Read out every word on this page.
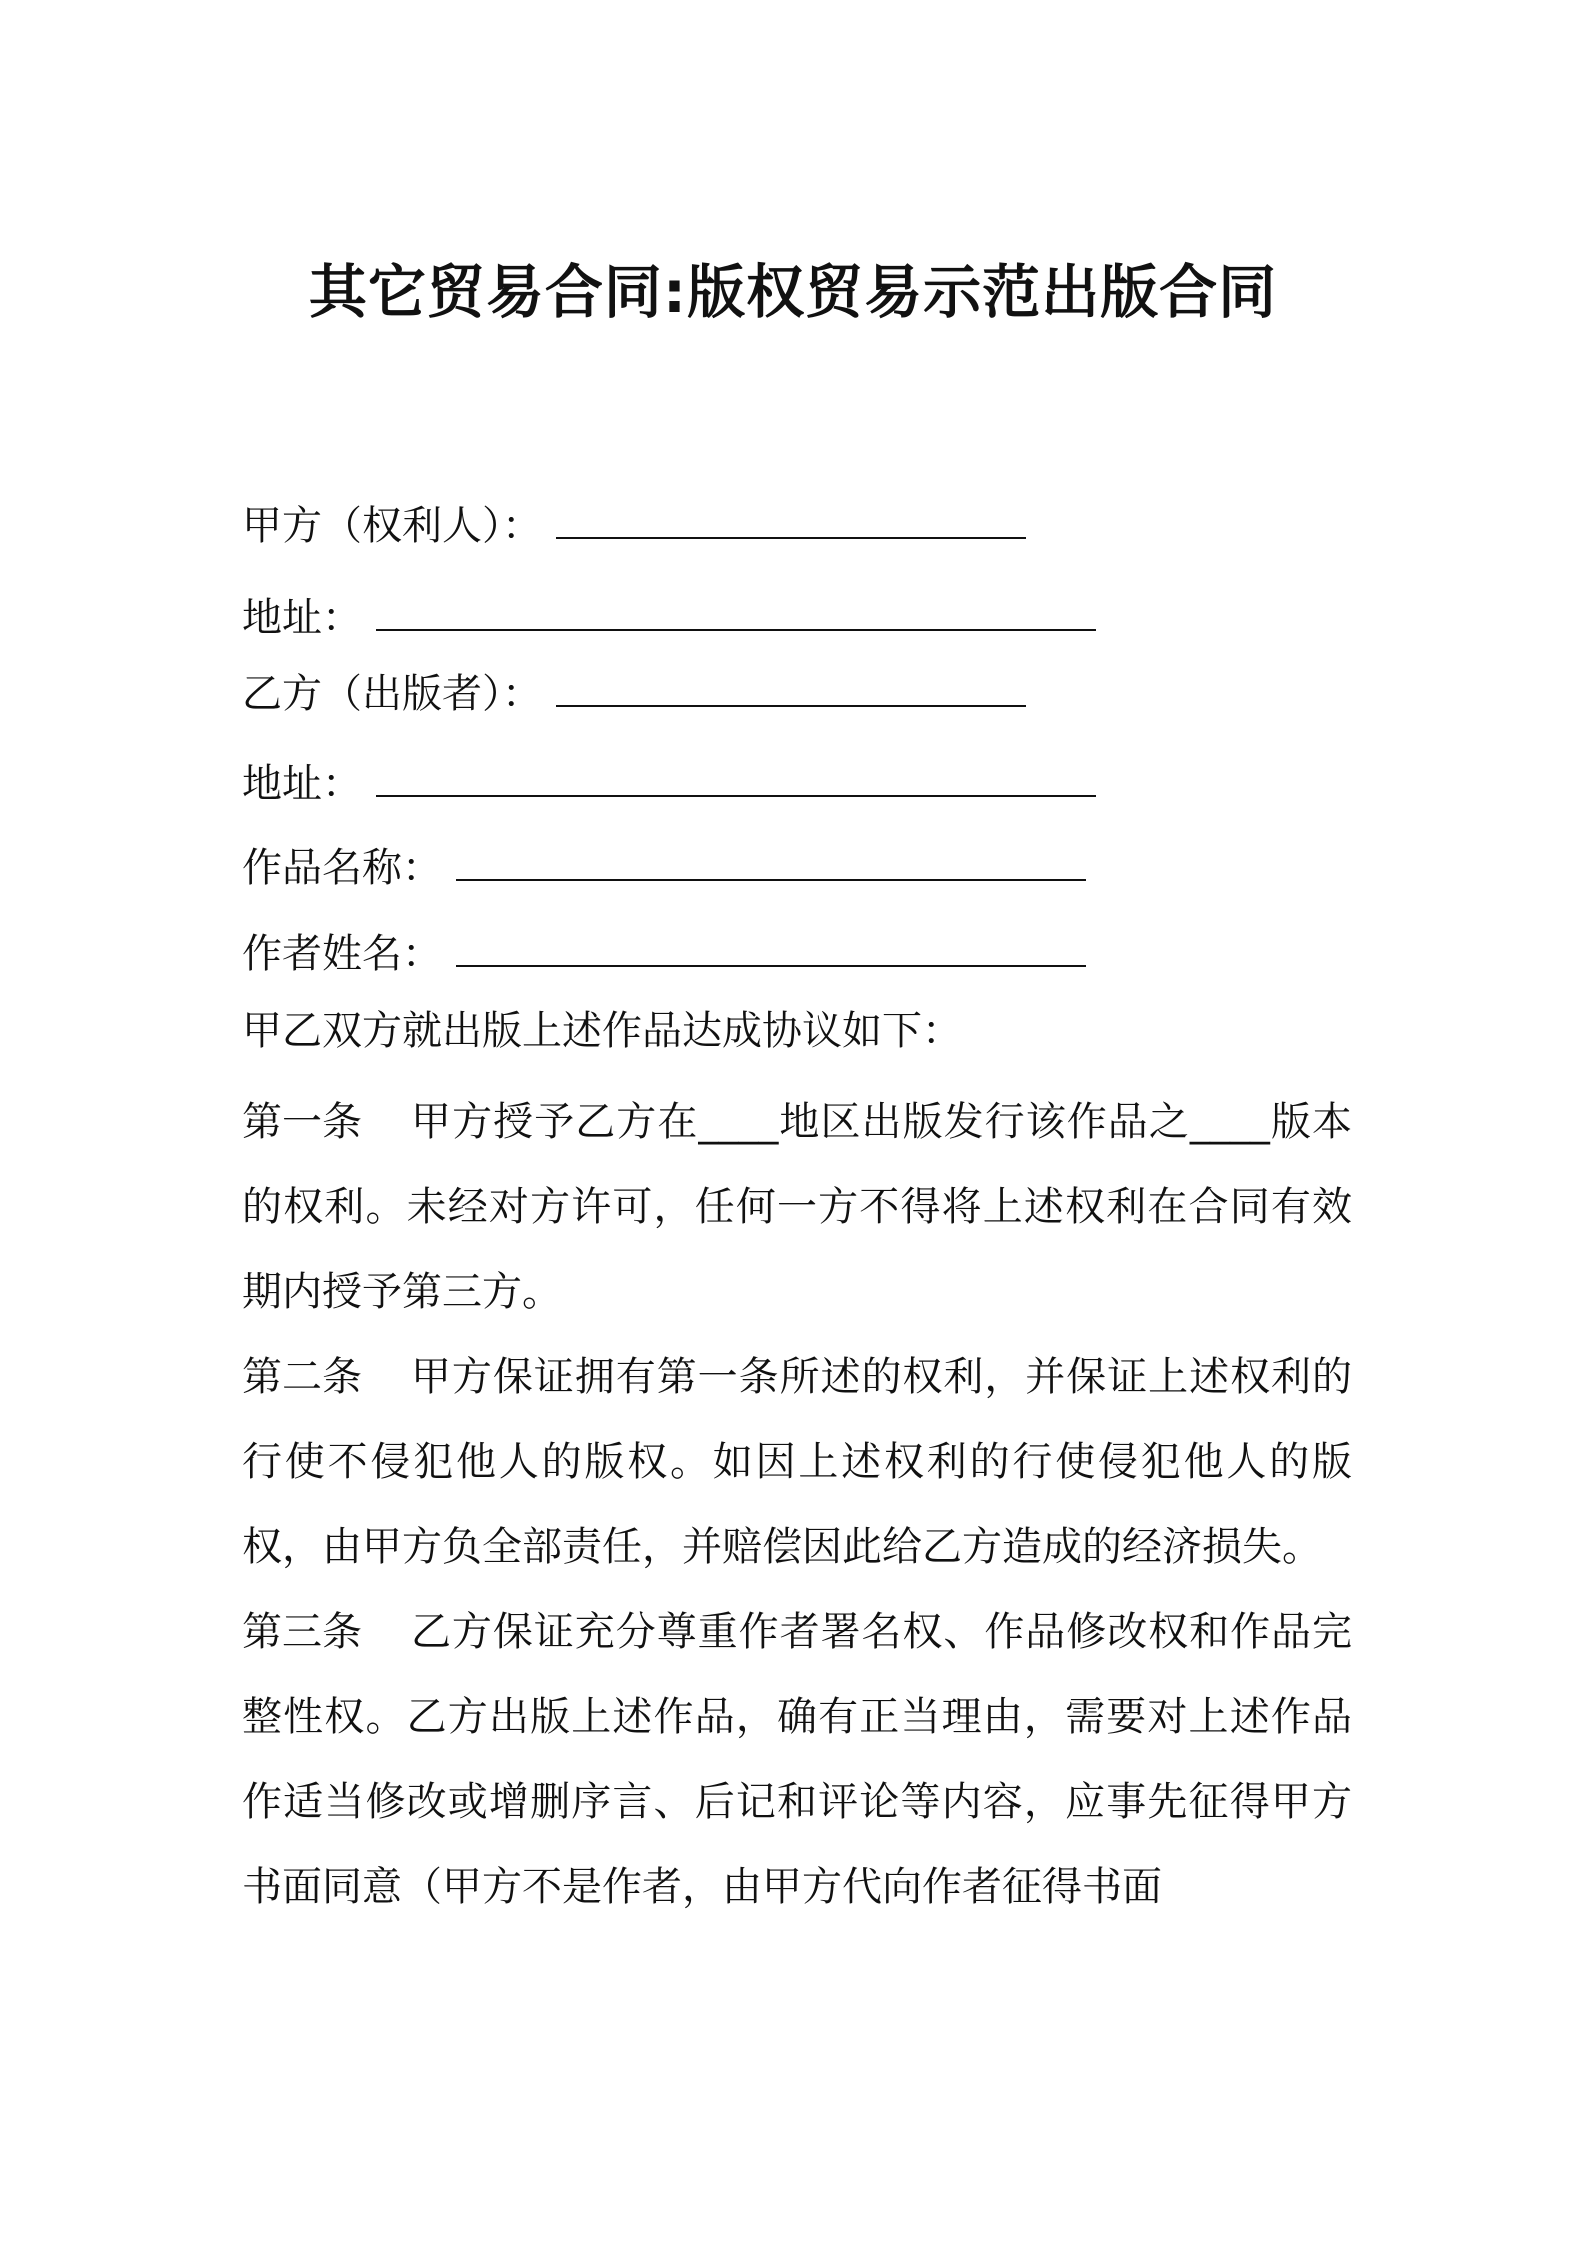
其它贸易合同:版权贸易示范出版合同
甲方（权利人）：
地址：
乙方（出版者）：
地址：
作品名称：
作者姓名：
甲乙双方就出版上述作品达成协议如下：

第一条 甲方授予乙方在____地区出版发行该作品之____版本的权利。未经对方许可，任何一方不得将上述权利在合同有效期内授予第三方。

第二条 甲方保证拥有第一条所述的权利，并保证上述权利的行使不侵犯他人的版权。如因上述权利的行使侵犯他人的版权，由甲方负全部责任，并赔偿因此给乙方造成的经济损失。

第三条 乙方保证充分尊重作者署名权、作品修改权和作品完整性权。乙方出版上述作品，确有正当理由，需要对上述作品作适当修改或增删序言、后记和评论等内容，应事先征得甲方书面同意（甲方不是作者，由甲方代向作者征得书面
